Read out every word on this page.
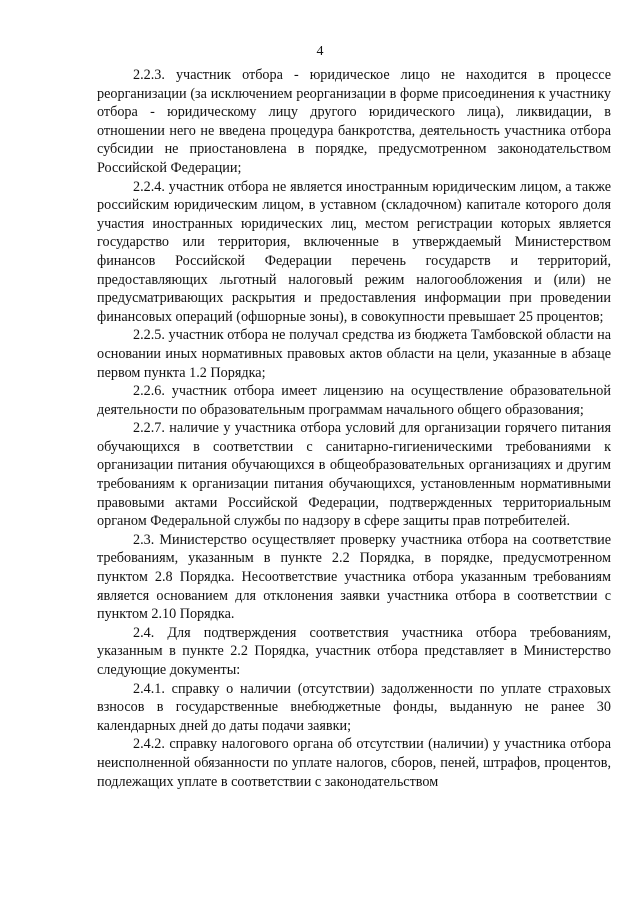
4

2.2.3. участник отбора - юридическое лицо не находится в процессе реорганизации (за исключением реорганизации в форме присоединения к участнику отбора - юридическому лицу другого юридического лица), ликвидации, в отношении него не введена процедура банкротства, деятельность участника отбора субсидии не приостановлена в порядке, предусмотренном законодательством Российской Федерации;

2.2.4. участник отбора не является иностранным юридическим лицом, а также российским юридическим лицом, в уставном (складочном) капитале которого доля участия иностранных юридических лиц, местом регистрации которых является государство или территория, включенные в утверждаемый Министерством финансов Российской Федерации перечень государств и территорий, предоставляющих льготный налоговый режим налогообложения и (или) не предусматривающих раскрытия и предоставления информации при проведении финансовых операций (офшорные зоны), в совокупности превышает 25 процентов;

2.2.5. участник отбора не получал средства из бюджета Тамбовской области на основании иных нормативных правовых актов области на цели, указанные в абзаце первом пункта 1.2 Порядка;

2.2.6. участник отбора имеет лицензию на осуществление образовательной деятельности по образовательным программам начального общего образования;

2.2.7. наличие у участника отбора условий для организации горячего питания обучающихся в соответствии с санитарно-гигиеническими требованиями к организации питания обучающихся в общеобразовательных организациях и другим требованиям к организации питания обучающихся, установленным нормативными правовыми актами Российской Федерации, подтвержденных территориальным органом Федеральной службы по надзору в сфере защиты прав потребителей.

2.3. Министерство осуществляет проверку участника отбора на соответствие требованиям, указанным в пункте 2.2 Порядка, в порядке, предусмотренном пунктом 2.8 Порядка. Несоответствие участника отбора указанным требованиям является основанием для отклонения заявки участника отбора в соответствии с пунктом 2.10 Порядка.

2.4. Для подтверждения соответствия участника отбора требованиям, указанным в пункте 2.2 Порядка, участник отбора представляет в Министерство следующие документы:

2.4.1. справку о наличии (отсутствии) задолженности по уплате страховых взносов в государственные внебюджетные фонды, выданную не ранее 30 календарных дней до даты подачи заявки;

2.4.2. справку налогового органа об отсутствии (наличии) у участника отбора неисполненной обязанности по уплате налогов, сборов, пеней, штрафов, процентов, подлежащих уплате в соответствии с законодательством
